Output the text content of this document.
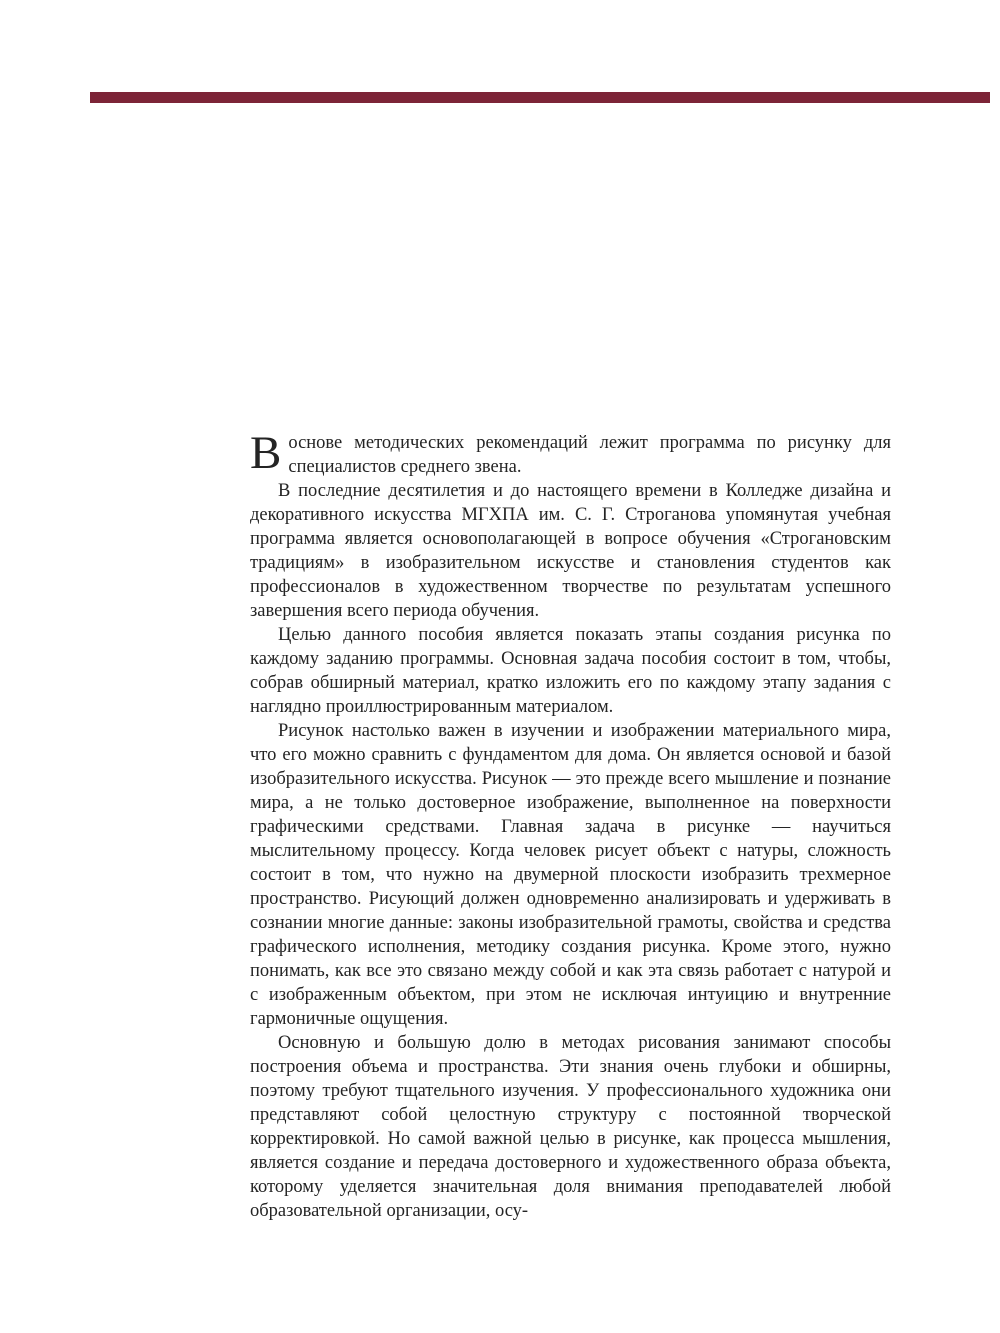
Воснове методических рекомендаций лежит программа по рисунку для специалистов среднего звена.

В последние десятилетия и до настоящего времени в Колледже дизайна и декоративного искусства МГХПА им. С. Г. Строганова упомянутая учебная программа является основополагающей в вопросе обучения «Строгановским традициям» в изобразительном искусстве и становления студентов как профессионалов в художественном творчестве по результатам успешного завершения всего периода обучения.

Целью данного пособия является показать этапы создания рисунка по каждому заданию программы. Основная задача пособия состоит в том, чтобы, собрав обширный материал, кратко изложить его по каждому этапу задания с наглядно проиллюстрированным материалом.

Рисунок настолько важен в изучении и изображении материального мира, что его можно сравнить с фундаментом для дома. Он является основой и базой изобразительного искусства. Рисунок — это прежде всего мышление и познание мира, а не только достоверное изображение, выполненное на поверхности графическими средствами. Главная задача в рисунке — научиться мыслительному процессу. Когда человек рисует объект с натуры, сложность состоит в том, что нужно на двумерной плоскости изобразить трехмерное пространство. Рисующий должен одновременно анализировать и удерживать в сознании многие данные: законы изобразительной грамоты, свойства и средства графического исполнения, методику создания рисунка. Кроме этого, нужно понимать, как все это связано между собой и как эта связь работает с натурой и с изображенным объектом, при этом не исключая интуицию и внутренние гармоничные ощущения.

Основную и большую долю в методах рисования занимают способы построения объема и пространства. Эти знания очень глубоки и обширны, поэтому требуют тщательного изучения. У профессионального художника они представляют собой целостную структуру с постоянной творческой корректировкой. Но самой важной целью в рисунке, как процесса мышления, является создание и передача достоверного и художественного образа объекта, которому уделяется значительная доля внимания преподавателей любой образовательной организации, осу-
